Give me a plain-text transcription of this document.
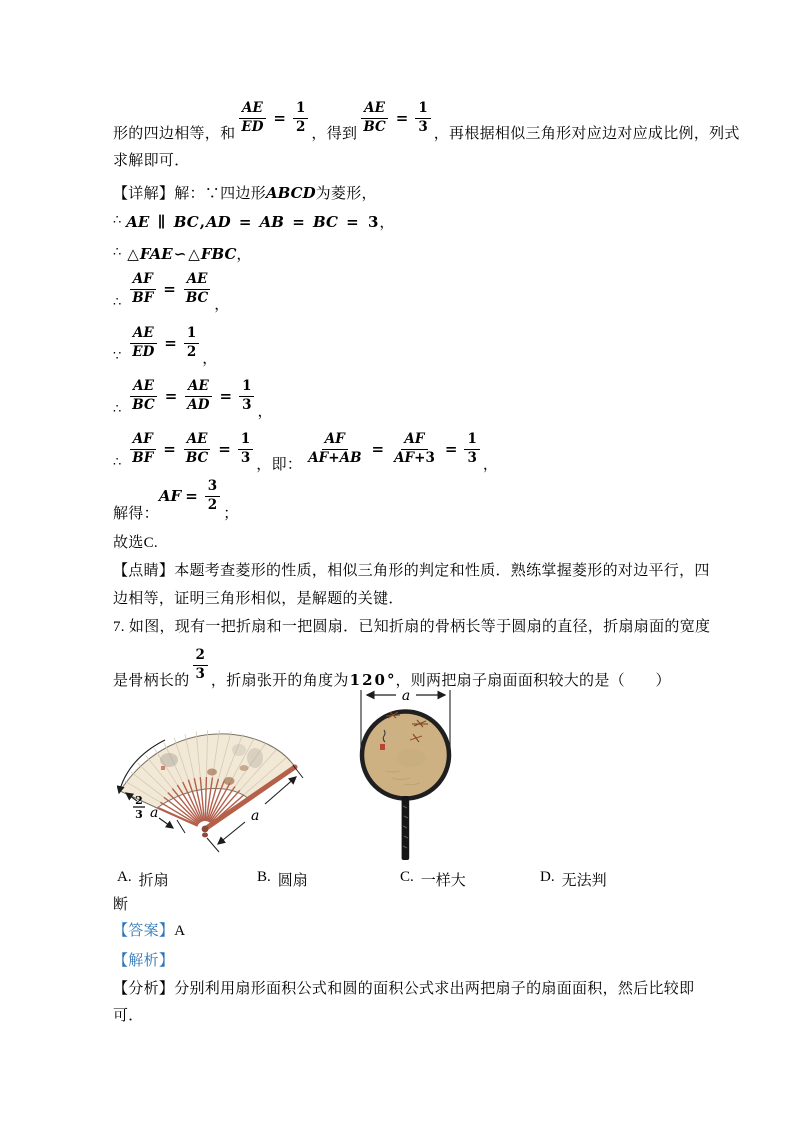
形的四边相等，和 $\frac{AE}{ED} = \frac{1}{2}$ ，得到 $\frac{AE}{BC} = \frac{1}{3}$ ，再根据相似三角形对应边对应成比例，列式
求解即可．
【详解】解：∵四边形 ABCD 为菱形，
∴ AE ∥ BC,AD = AB = BC = 3 ，
∴ △FAE∽ △FBC ，
∴ $\frac{AF}{BF} = \frac{AE}{BC}$ ，
∵ $\frac{AE}{ED} = \frac{1}{2}$ ，
∴ $\frac{AE}{BC} = \frac{AE}{AD} = \frac{1}{3}$ ，
∴ $\frac{AF}{BF} = \frac{AE}{BC} = \frac{1}{3}$ ，即： $\frac{AF}{AF+AB} = \frac{AF}{AF+3} = \frac{1}{3}$ ，
解得：
AF = $\frac{3}{2}$
；
故选C.
【点睛】本题考查菱形的性质，相似三角形的判定和性质．熟练掌握菱形的对边平行，四
边相等，证明三角形相似，是解题的关键．
7. 如图，现有一把折扇和一把圆扇．已知折扇的骨柄长等于圆扇的直径，折扇扇面的宽度
是骨柄长的 $\frac{2}{3}$ ，折扇张开的角度为 1 2 0 ° ，则两把扇子扇面面积较大的是（　　）
A. 折扇	B. 圆扇	C. 一样大	D. 无法判
断
【答案】 A
【解析】
【分析】分别利用扇形面积公式和圆的面积公式求出两把扇子的扇面面积，然后比较即
可．
2
3 a	a
a
